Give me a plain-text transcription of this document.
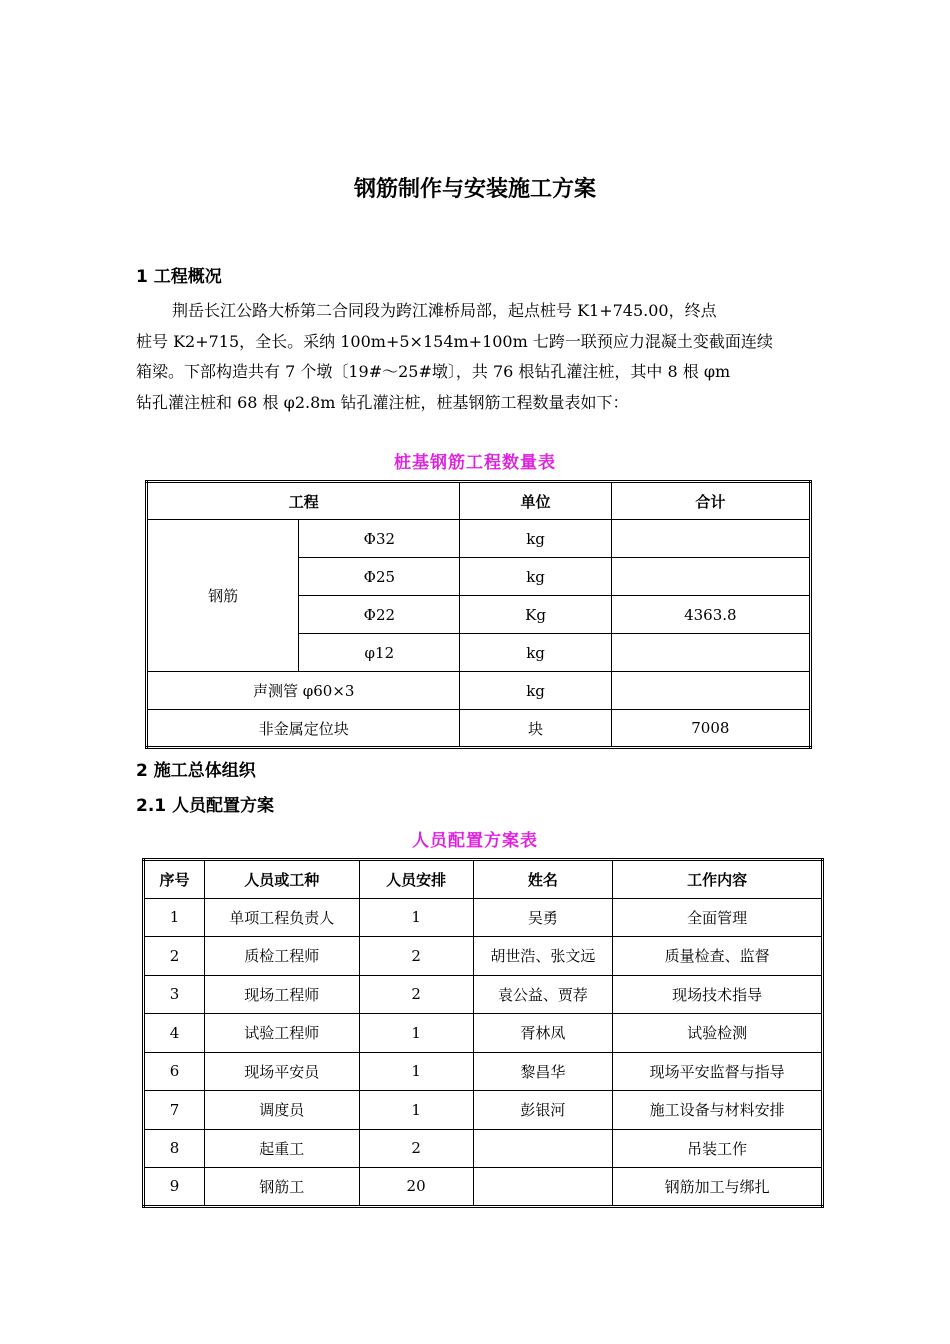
钢筋制作与安装施工方案
1 工程概况

荆岳长江公路大桥第二合同段为跨江滩桥局部，起点桩号 K1+745.00，终点

桩号 K2+715，全长。采纳 100m+5×154m+100m 七跨一联预应力混凝土变截面连续

箱梁。下部构造共有 7 个墩〔19#～25#墩〕，共 76 根钻孔灌注桩，其中 8 根 φm

钻孔灌注桩和 68 根 φ2.8m 钻孔灌注桩，桩基钢筋工程数量表如下：

桩基钢筋工程数量表
工程		单位	合计
钢筋	Φ32	kg	
	Φ25	kg	
	Φ22	Kg	4363.8
	φ12	kg	
声测管 φ60×3		kg	
非金属定位块		块	7008
2 施工总体组织
2.1 人员配置方案
人员配置方案表
序号	人员或工种	人员安排	姓名	工作内容
1	单项工程负责人	1	吴勇	全面管理
2	质检工程师	2	胡世浩、张文远	质量检查、监督
3	现场工程师	2	袁公益、贾荐	现场技术指导
4	试验工程师	1	胥林凤	试验检测
6	现场平安员	1	黎昌华	现场平安监督与指导
7	调度员	1	彭银河	施工设备与材料安排
8	起重工	2		吊装工作
9	钢筋工	20		钢筋加工与绑扎
